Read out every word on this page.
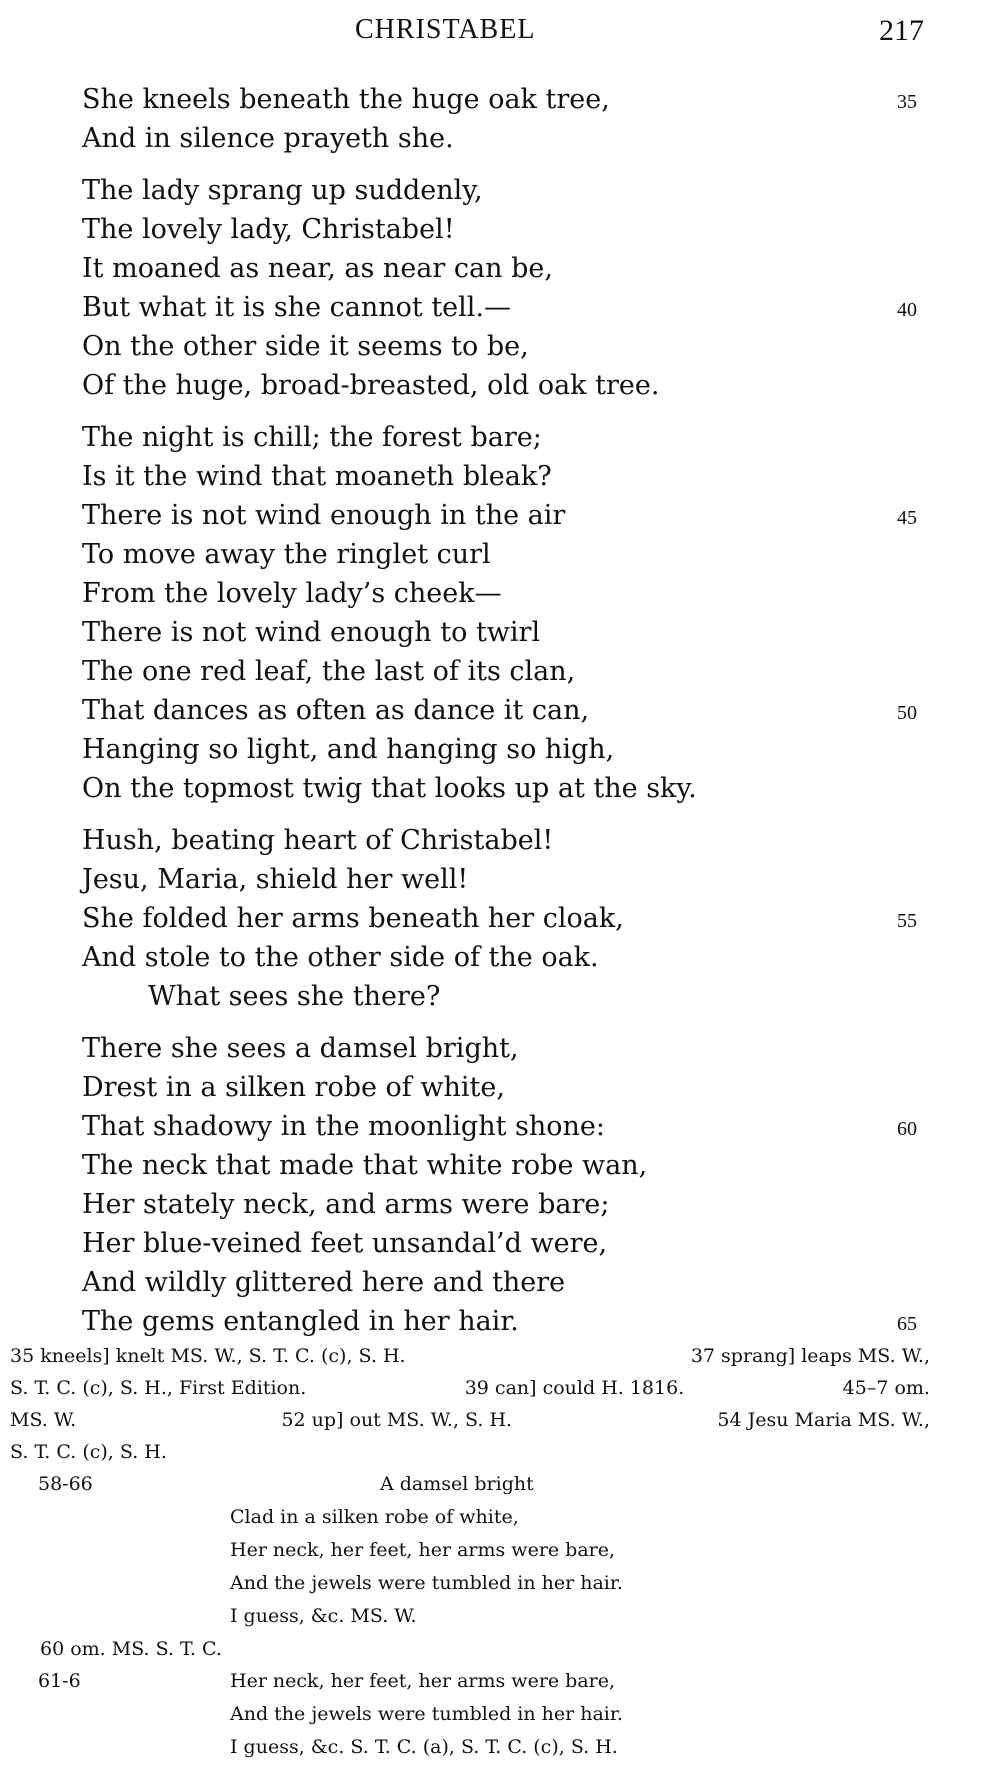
CHRISTABEL	217
She kneels beneath the huge oak tree,	35
And in silence prayeth she.
The lady sprang up suddenly,
The lovely lady, Christabel!
It moaned as near, as near can be,
But what it is she cannot tell.—	40
On the other side it seems to be,
Of the huge, broad-breasted, old oak tree.
The night is chill; the forest bare;
Is it the wind that moaneth bleak?
There is not wind enough in the air	45
To move away the ringlet curl
From the lovely lady’s cheek—
There is not wind enough to twirl
The one red leaf, the last of its clan,
That dances as often as dance it can,	50
Hanging so light, and hanging so high,
On the topmost twig that looks up at the sky.
Hush, beating heart of Christabel!
Jesu, Maria, shield her well!
She folded her arms beneath her cloak,	55
And stole to the other side of the oak.
What sees she there?
There she sees a damsel bright,
Drest in a silken robe of white,
That shadowy in the moonlight shone:	60
The neck that made that white robe wan,
Her stately neck, and arms were bare;
Her blue-veined feet unsandal’d were,
And wildly glittered here and there
The gems entangled in her hair.	65
35 kneels] knelt MS. W., S. T. C. (c), S. H.	37 sprang] leaps MS. W.,
S. T. C. (c), S. H., First Edition.	39 can] could H. 1816.	45–7 om.
MS. W.	52 up] out MS. W., S. H.	54 Jesu Maria MS. W.,
S. T. C. (c), S. H.
58-66	A damsel bright
Clad in a silken robe of white,
Her neck, her feet, her arms were bare,
And the jewels were tumbled in her hair.
I guess, &c. MS. W.
60 om. MS. S. T. C.
61-6	Her neck, her feet, her arms were bare,
And the jewels were tumbled in her hair.
I guess, &c. S. T. C. (a), S. T. C. (c), S. H.
